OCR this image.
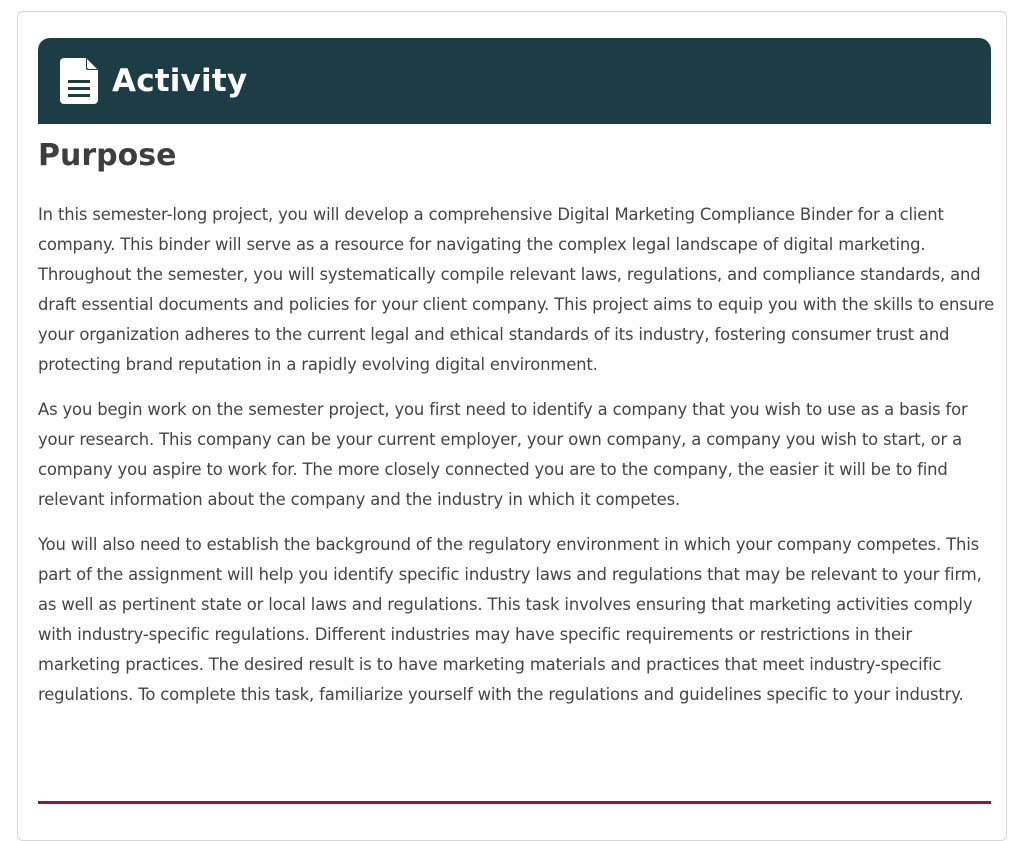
Activity
Purpose

In this semester-long project, you will develop a comprehensive Digital Marketing Compliance Binder for a client company. This binder will serve as a resource for navigating the complex legal landscape of digital marketing. Throughout the semester, you will systematically compile relevant laws, regulations, and compliance standards, and draft essential documents and policies for your client company. This project aims to equip you with the skills to ensure your organization adheres to the current legal and ethical standards of its industry, fostering consumer trust and protecting brand reputation in a rapidly evolving digital environment.

As you begin work on the semester project, you first need to identify a company that you wish to use as a basis for your research. This company can be your current employer, your own company, a company you wish to start, or a company you aspire to work for. The more closely connected you are to the company, the easier it will be to find relevant information about the company and the industry in which it competes.

You will also need to establish the background of the regulatory environment in which your company competes. This part of the assignment will help you identify specific industry laws and regulations that may be relevant to your firm, as well as pertinent state or local laws and regulations. This task involves ensuring that marketing activities comply with industry-specific regulations. Different industries may have specific requirements or restrictions in their marketing practices. The desired result is to have marketing materials and practices that meet industry-specific regulations. To complete this task, familiarize yourself with the regulations and guidelines specific to your industry.
